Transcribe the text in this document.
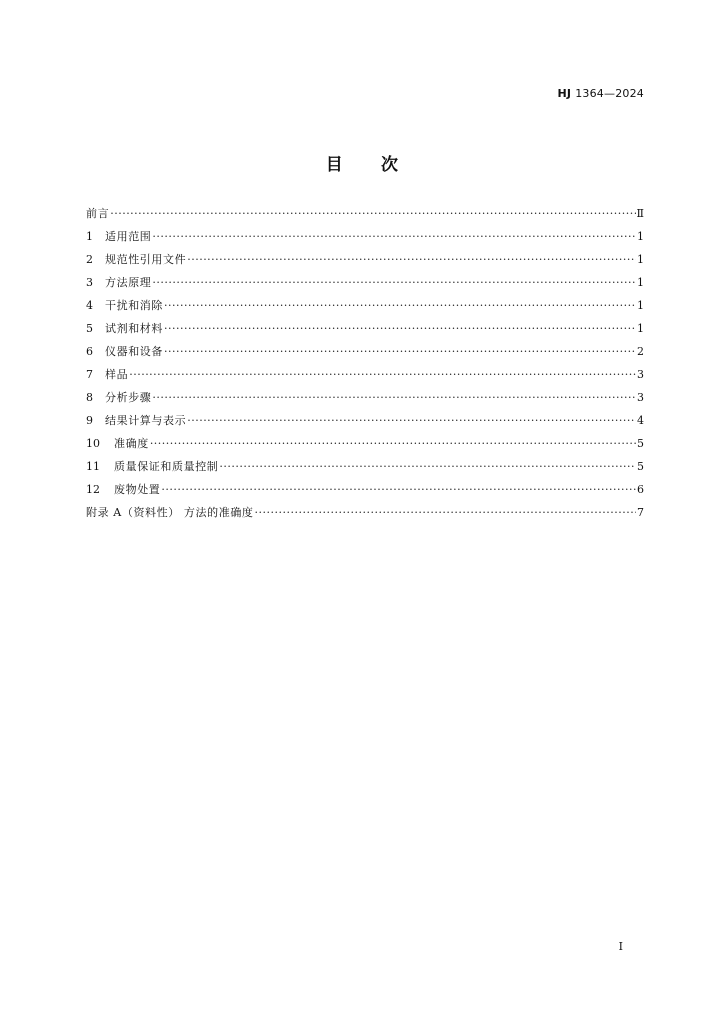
HJ 1364—2024
目 次
前言 ·····	Ⅱ
1	适用范围 ·····	1
2	规范性引用文件 ·····	1
3	方法原理 ·····	1
4	干扰和消除 ·····	1
5	试剂和材料 ·····	1
6	仪器和设备 ·····	2
7	样品 ·····	3
8	分析步骤 ·····	3
9	结果计算与表示 ·····	4
10	准确度 ·····	5
11	质量保证和质量控制 ·····	5
12	废物处置 ·····	6
附录 A（资料性） 方法的准确度 ·····	7
I
